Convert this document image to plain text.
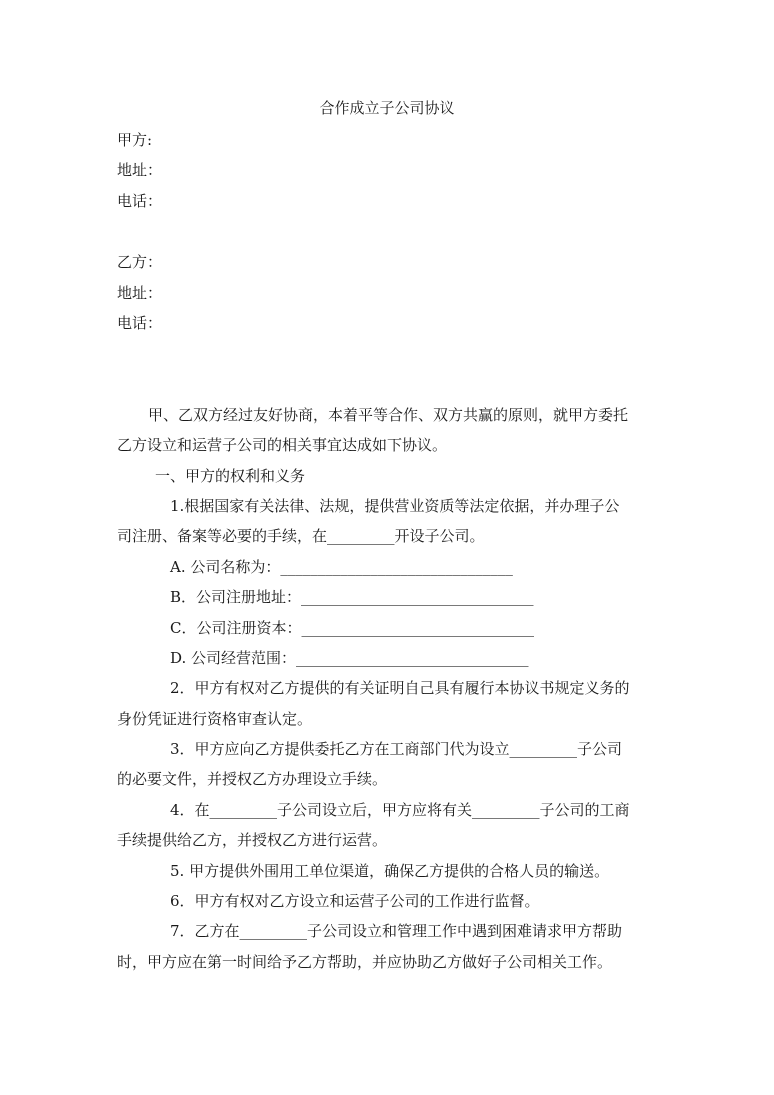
合作成立子公司协议
甲方:
地址：
电话：
乙方：
地址：
电话：
甲、乙双方经过友好协商，本着平等合作、双方共赢的原则，就甲方委托
乙方设立和运营子公司的相关事宜达成如下协议。
一、甲方的权利和义务
1.根据国家有关法律、法规，提供营业资质等法定依据，并办理子公
司注册、备案等必要的手续，在_________开设子公司。
A. 公司名称为：_______________________________
B．公司注册地址：_______________________________
C．公司注册资本：_______________________________
D. 公司经营范围：_______________________________
2．甲方有权对乙方提供的有关证明自己具有履行本协议书规定义务的
身份凭证进行资格审查认定。
3．甲方应向乙方提供委托乙方在工商部门代为设立_________子公司
的必要文件，并授权乙方办理设立手续。
4．在_________子公司设立后，甲方应将有关_________子公司的工商
手续提供给乙方，并授权乙方进行运营。
5. 甲方提供外围用工单位渠道，确保乙方提供的合格人员的输送。
6．甲方有权对乙方设立和运营子公司的工作进行监督。
7．乙方在_________子公司设立和管理工作中遇到困难请求甲方帮助
时，甲方应在第一时间给予乙方帮助，并应协助乙方做好子公司相关工作。
